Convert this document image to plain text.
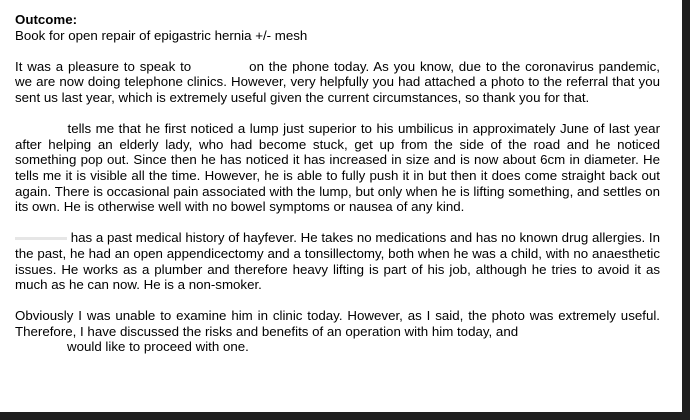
Outcome:

Book for open repair of epigastric hernia +/- mesh

It was a pleasure to speak to	on the phone today. As you know, due to the coronavirus pandemic, we are now doing telephone clinics. However, very helpfully you had attached a photo to the referral that you sent us last year, which is extremely useful given the current circumstances, so thank you for that.

tells me that he first noticed a lump just superior to his umbilicus in approximately June of last year after helping an elderly lady, who had become stuck, get up from the side of the road and he noticed something pop out. Since then he has noticed it has increased in size and is now about 6cm in diameter. He tells me it is visible all the time. However, he is able to fully push it in but then it does come straight back out again. There is occasional pain associated with the lump, but only when he is lifting something, and settles on its own. He is otherwise well with no bowel symptoms or nausea of any kind.

has a past medical history of hayfever. He takes no medications and has no known drug allergies. In the past, he had an open appendicectomy and a tonsillectomy, both when he was a child, with no anaesthetic issues. He works as a plumber and therefore heavy lifting is part of his job, although he tries to avoid it as much as he can now. He is a non-smoker.

Obviously I was unable to examine him in clinic today. However, as I said, the photo was extremely useful. Therefore, I have discussed the risks and benefits of an operation with him today, and

would like to proceed with one.
